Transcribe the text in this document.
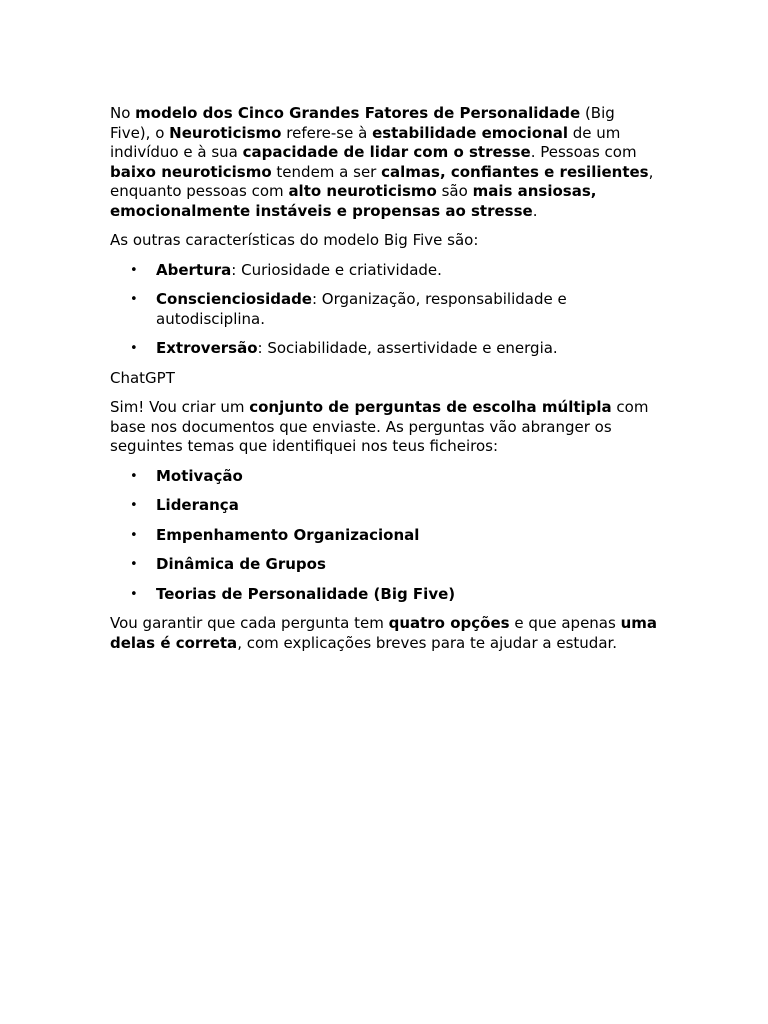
No modelo dos Cinco Grandes Fatores de Personalidade (Big Five), o Neuroticismo refere-se à estabilidade emocional de um indivíduo e à sua capacidade de lidar com o stresse. Pessoas com baixo neuroticismo tendem a ser calmas, confiantes e resilientes, enquanto pessoas com alto neuroticismo são mais ansiosas, emocionalmente instáveis e propensas ao stresse.

As outras características do modelo Big Five são:

• Abertura: Curiosidade e criatividade.
• Conscienciosidade: Organização, responsabilidade e autodisciplina.
• Extroversão: Sociabilidade, assertividade e energia.

ChatGPT

Sim! Vou criar um conjunto de perguntas de escolha múltipla com base nos documentos que enviaste. As perguntas vão abranger os seguintes temas que identifiquei nos teus ficheiros:

• Motivação
• Liderança
• Empenhamento Organizacional
• Dinâmica de Grupos
• Teorias de Personalidade (Big Five)

Vou garantir que cada pergunta tem quatro opções e que apenas uma delas é correta, com explicações breves para te ajudar a estudar.
